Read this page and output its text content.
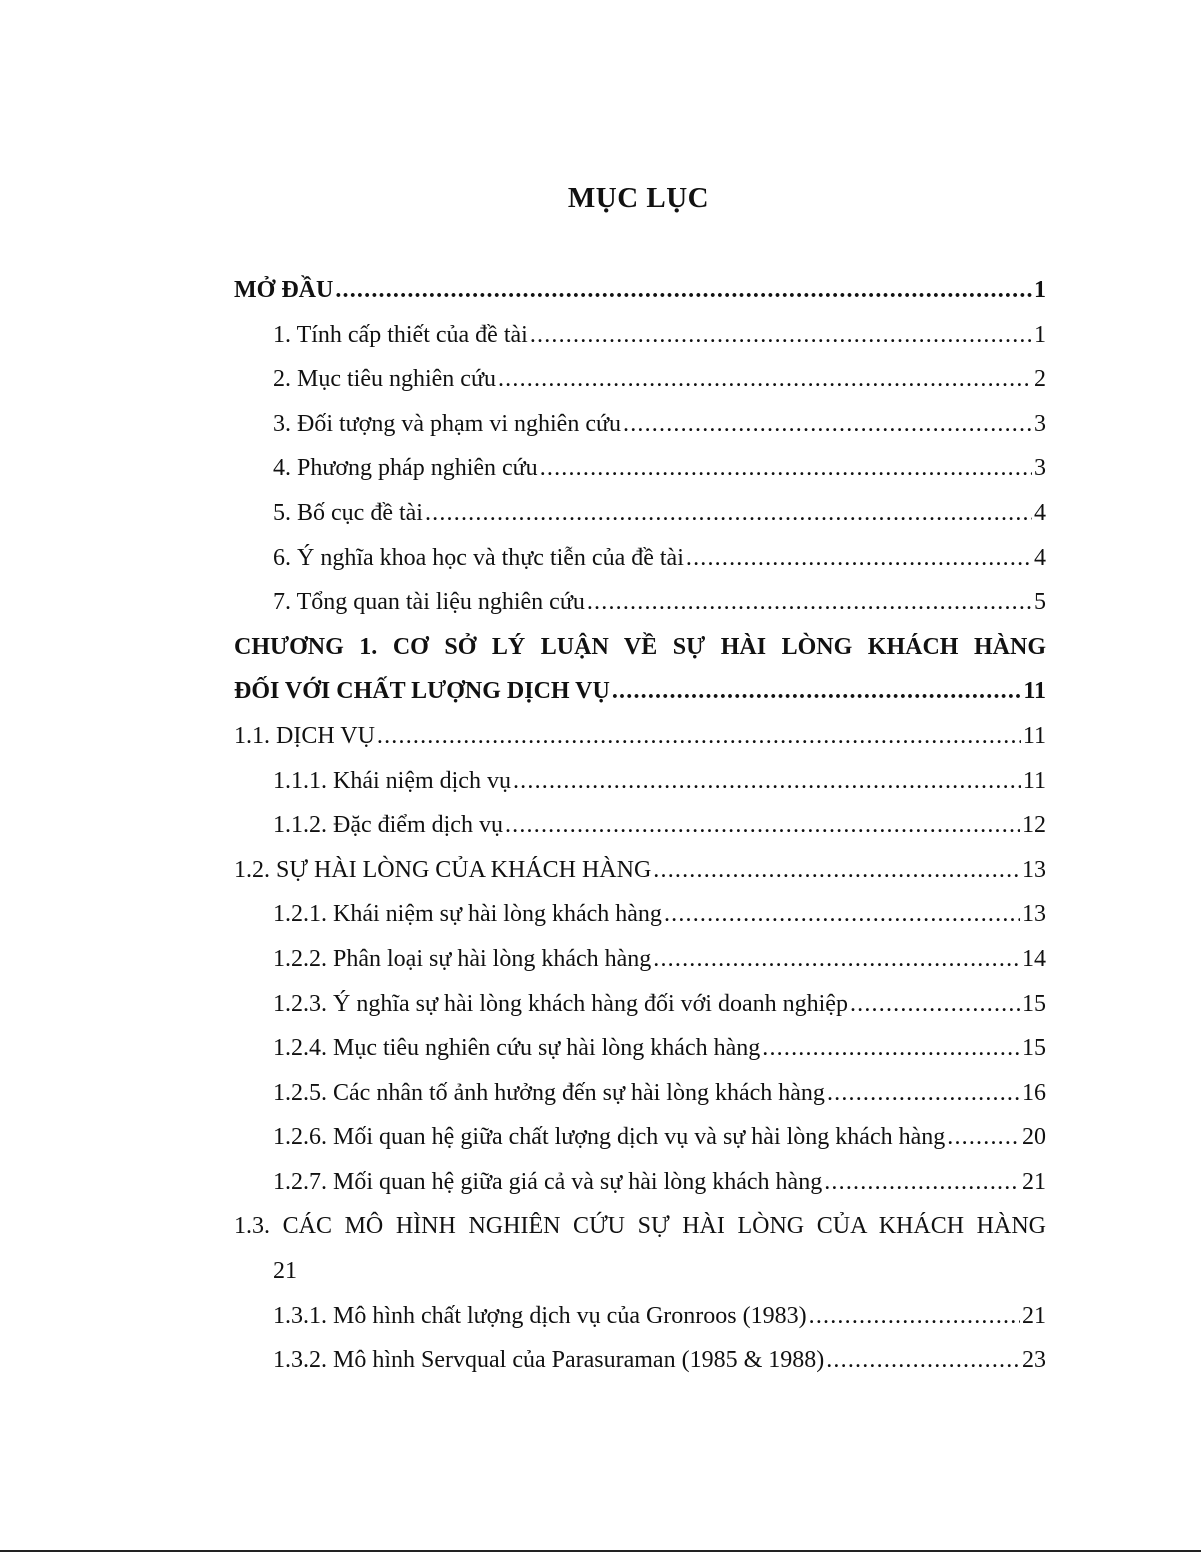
MỤC LỤC
MỞ ĐẦU .....	1
1. Tính cấp thiết của đề tài .....	1
2. Mục tiêu nghiên cứu .....	2
3. Đối tượng và phạm vi nghiên cứu .....	3
4. Phương pháp nghiên cứu .....	3
5. Bố cục đề tài .....	4
6. Ý nghĩa khoa học và thực tiễn của đề tài .....	4
7. Tổng quan tài liệu nghiên cứu .....	5
CHƯƠNG 1. CƠ SỞ LÝ LUẬN VỀ SỰ HÀI LÒNG KHÁCH HÀNG
ĐỐI VỚI CHẤT LƯỢNG DỊCH VỤ .....	11
1.1. DỊCH VỤ .....	11
1.1.1. Khái niệm dịch vụ .....	11
1.1.2. Đặc điểm dịch vụ .....	12
1.2. SỰ HÀI LÒNG CỦA KHÁCH HÀNG .....	13
1.2.1. Khái niệm sự hài lòng khách hàng .....	13
1.2.2. Phân loại sự hài lòng khách hàng .....	14
1.2.3. Ý nghĩa sự hài lòng khách hàng đối với doanh nghiệp .....	15
1.2.4. Mục tiêu nghiên cứu sự hài lòng khách hàng .....	15
1.2.5. Các nhân tố ảnh hưởng đến sự hài lòng khách hàng .....	16
1.2.6. Mối quan hệ giữa chất lượng dịch vụ và sự hài lòng khách hàng .....	20
1.2.7. Mối quan hệ giữa giá cả và sự hài lòng khách hàng .....	21
1.3. CÁC MÔ HÌNH NGHIÊN CỨU SỰ HÀI LÒNG CỦA KHÁCH HÀNG
21
1.3.1. Mô hình chất lượng dịch vụ của Gronroos (1983) .....	21
1.3.2. Mô hình Servqual của Parasuraman (1985 & 1988) .....	23
